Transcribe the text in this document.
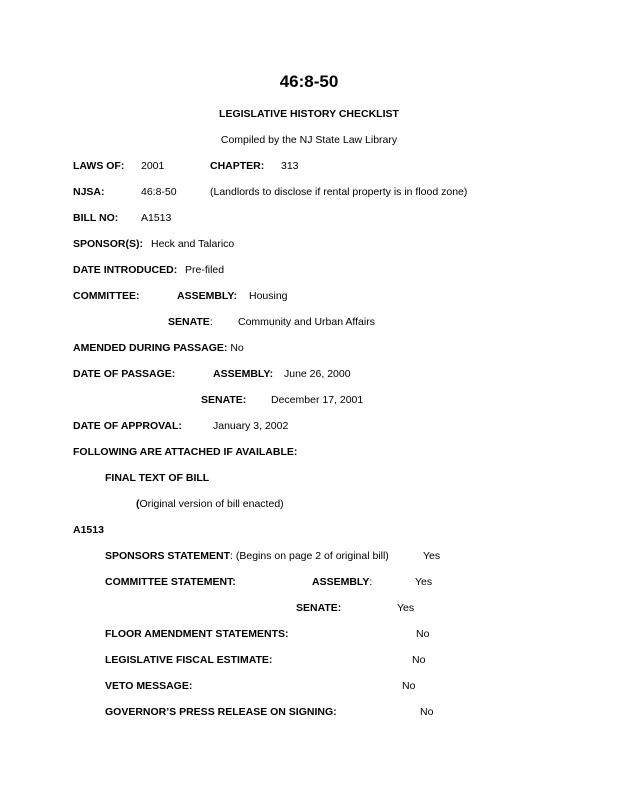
46:8-50
LEGISLATIVE HISTORY CHECKLIST
Compiled by the NJ State Law Library
LAWS OF: 2001	CHAPTER: 313
NJSA:	46:8-50	(Landlords to disclose if rental property is in flood zone)
BILL NO: A1513
SPONSOR(S): Heck and Talarico
DATE INTRODUCED: Pre-filed
COMMITTEE:	ASSEMBLY: Housing
SENATE: Community and Urban Affairs
AMENDED DURING PASSAGE: No
DATE OF PASSAGE:	ASSEMBLY: June 26, 2000
SENATE: December 17, 2001
DATE OF APPROVAL:	January 3, 2002
FOLLOWING ARE ATTACHED IF AVAILABLE:
FINAL TEXT OF BILL
(Original version of bill enacted)
A1513
SPONSORS STATEMENT: (Begins on page 2 of original bill)	Yes
COMMITTEE STATEMENT:	ASSEMBLY:	Yes
SENATE:	Yes
FLOOR AMENDMENT STATEMENTS:	No
LEGISLATIVE FISCAL ESTIMATE:	No
VETO MESSAGE:	No
GOVERNOR’S PRESS RELEASE ON SIGNING:	No
